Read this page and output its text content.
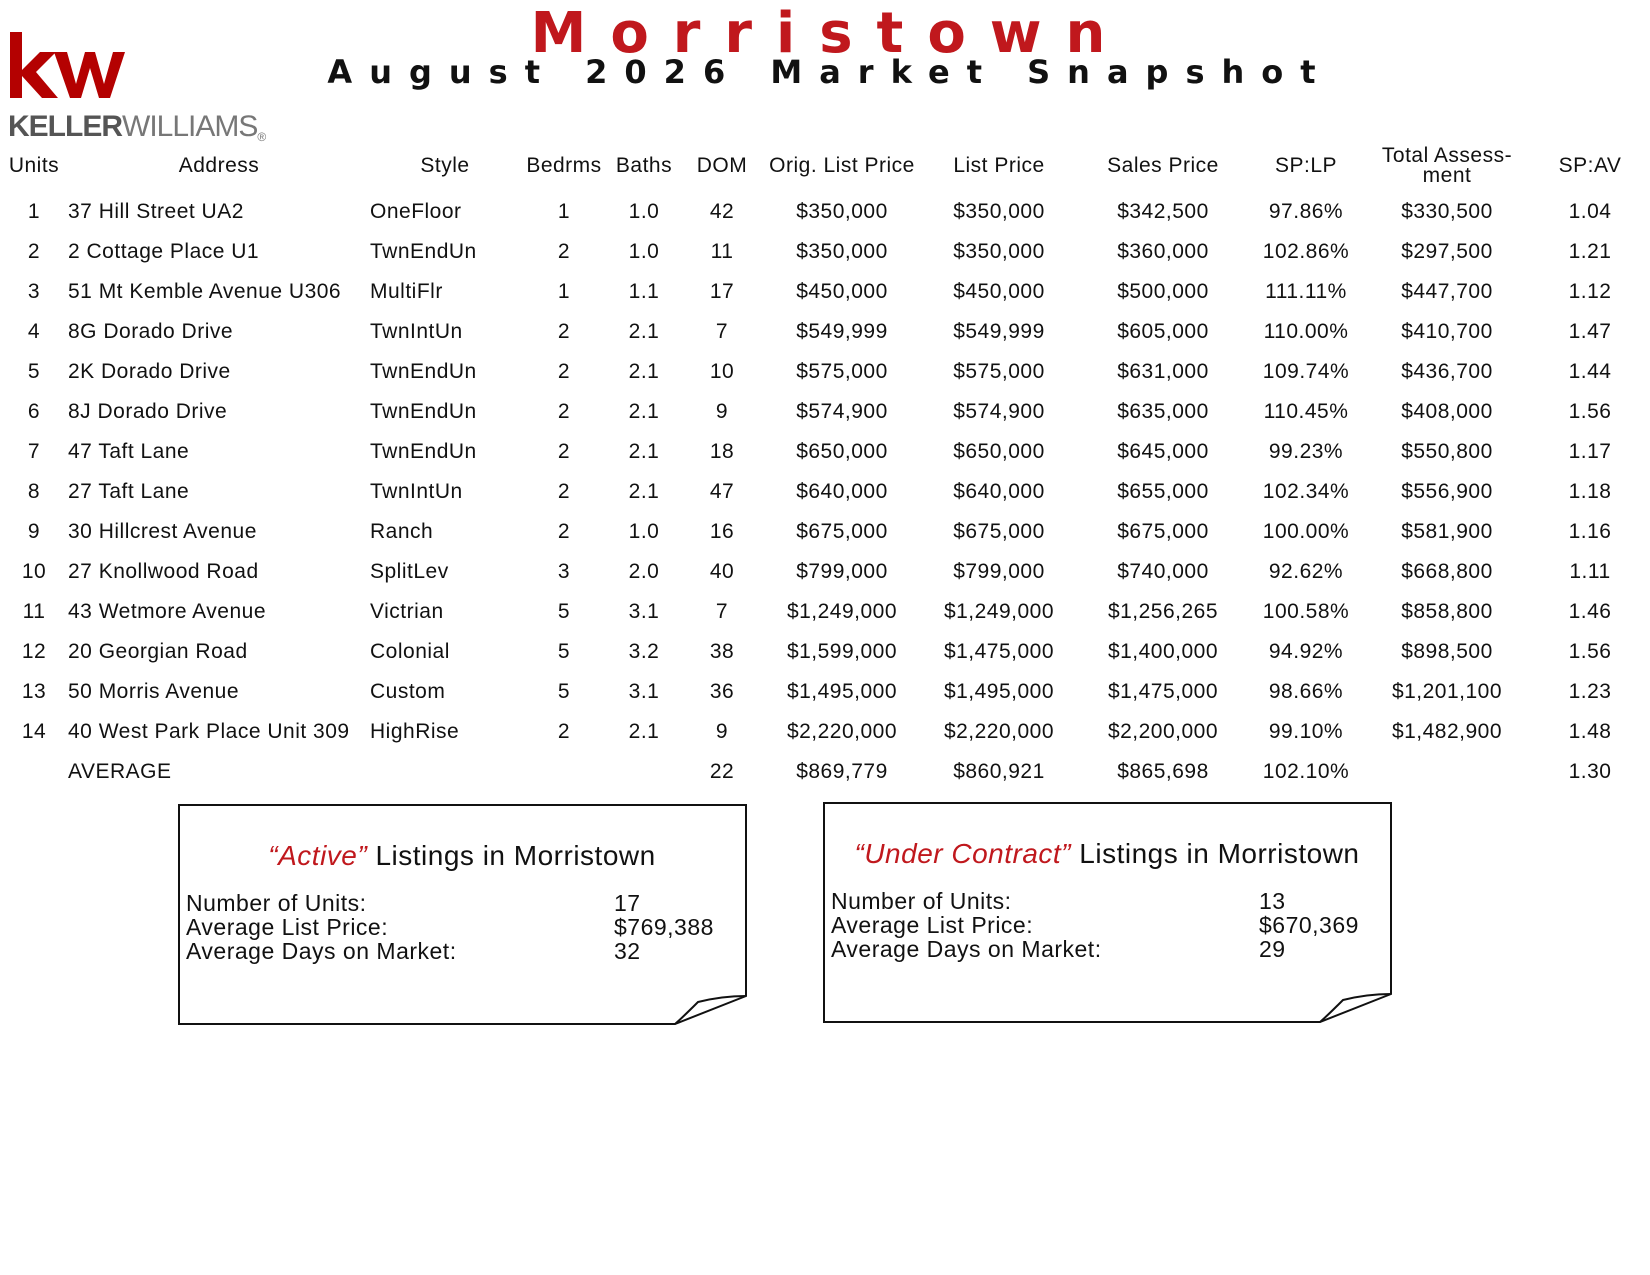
KELLERWILLIAMS®
Morristown
August 2026 Market Snapshot
Units	Address	Style	Bedrms	Baths	DOM	Orig. List Price	List Price	Sales Price	SP:LP	Total Assess-ment	SP:AV
1	37 Hill Street UA2	OneFloor	1	1.0	42	$350,000	$350,000	$342,500	97.86%	$330,500	1.04
2	2 Cottage Place U1	TwnEndUn	2	1.0	11	$350,000	$350,000	$360,000	102.86%	$297,500	1.21
3	51 Mt Kemble Avenue U306	MultiFlr	1	1.1	17	$450,000	$450,000	$500,000	111.11%	$447,700	1.12
4	8G Dorado Drive	TwnIntUn	2	2.1	7	$549,999	$549,999	$605,000	110.00%	$410,700	1.47
5	2K Dorado Drive	TwnEndUn	2	2.1	10	$575,000	$575,000	$631,000	109.74%	$436,700	1.44
6	8J Dorado Drive	TwnEndUn	2	2.1	9	$574,900	$574,900	$635,000	110.45%	$408,000	1.56
7	47 Taft Lane	TwnEndUn	2	2.1	18	$650,000	$650,000	$645,000	99.23%	$550,800	1.17
8	27 Taft Lane	TwnIntUn	2	2.1	47	$640,000	$640,000	$655,000	102.34%	$556,900	1.18
9	30 Hillcrest Avenue	Ranch	2	1.0	16	$675,000	$675,000	$675,000	100.00%	$581,900	1.16
10	27 Knollwood Road	SplitLev	3	2.0	40	$799,000	$799,000	$740,000	92.62%	$668,800	1.11
11	43 Wetmore Avenue	Victrian	5	3.1	7	$1,249,000	$1,249,000	$1,256,265	100.58%	$858,800	1.46
12	20 Georgian Road	Colonial	5	3.2	38	$1,599,000	$1,475,000	$1,400,000	94.92%	$898,500	1.56
13	50 Morris Avenue	Custom	5	3.1	36	$1,495,000	$1,495,000	$1,475,000	98.66%	$1,201,100	1.23
14	40 West Park Place Unit 309	HighRise	2	2.1	9	$2,220,000	$2,220,000	$2,200,000	99.10%	$1,482,900	1.48
	AVERAGE				22	$869,779	$860,921	$865,698	102.10%		1.30
“Active” Listings in Morristown
Number of Units:	17
Average List Price:	$769,388
Average Days on Market:	32
“Under Contract” Listings in Morristown
Number of Units:	13
Average List Price:	$670,369
Average Days on Market:	29
